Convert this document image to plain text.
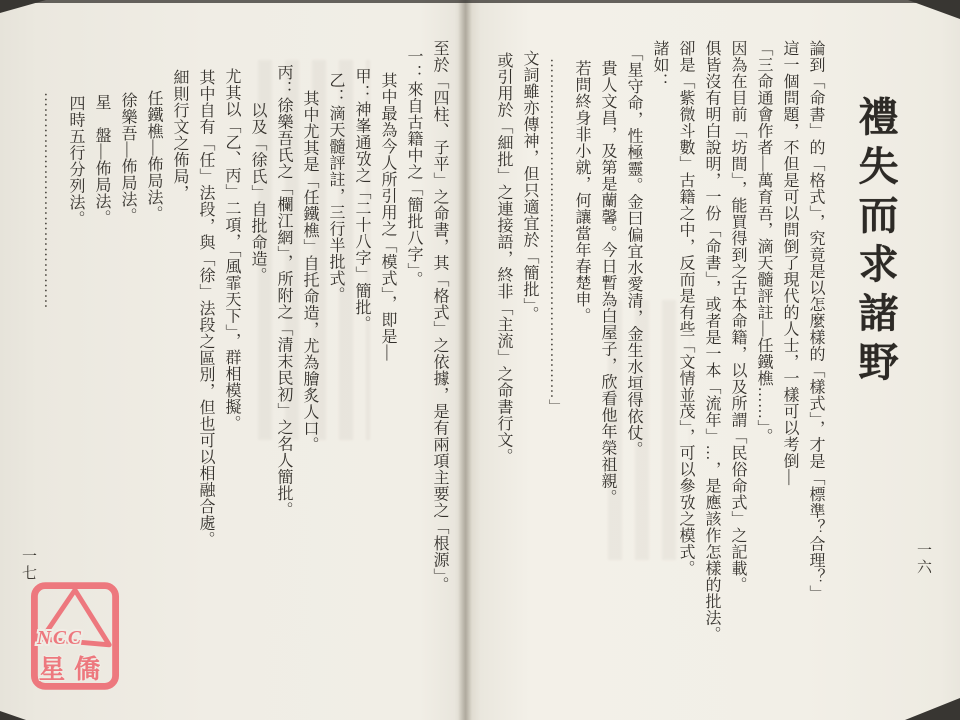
禮失而求諸野
論到「命書」的「格式」，究竟是以怎麼樣的「樣式」，才是「標準？合理？」
這一個問題，不但是可以問倒了現代的人士，一樣可以考倒—
「三命通會作者—萬育吾，滴天髓評註—任鐵樵……」。
因為在目前「坊間」，能買得到之古本命籍，以及所謂「民俗命式」之記載。
俱皆沒有明白說明，一份「命書」，或者是一本「流年」…，是應該作怎樣的批法。
卻是「紫微斗數」古籍之中，反而是有些「文情並茂」，可以參攷之模式。
諸如：
「星守命，性極靈。金曰偏宜水愛清，金生水垣得依仗。
貴人文昌，及第是蘭馨。今日暫為白屋子，欣看他年榮祖親。
若問終身非小就，何讓當年春楚申。
…………………………………………………………」
文詞雖亦傳神，但只適宜於「簡批」。
或引用於「細批」之連接語，終非「主流」之命書行文。
至於「四柱、子平」之命書，其「格式」之依據，是有兩項主要之「根源」。
一：來自古籍中之「簡批八字」。
其中最為今人所引用之「模式」，即是—
甲：神峯通攷之「二十八字」簡批。
乙：滴天髓評註，三行半批式。
其中尤其是「任鐵樵」自托命造，尤為膾炙人口。
丙：徐樂吾氏之「欄江網」，所附之「清末民初」之名人簡批。
以及「徐氏」自批命造。
尤其以「乙、丙」二項，「風霏天下」，群相模擬。
其中自有「任」法段，與「徐」法段之區別，但也可以相融合處。
細則行文之佈局，
任鐵樵—佈局法。
徐樂吾—佈局法。
星　盤—佈局法。
四時五行分列法。
……………………………………
一六
一七
NCC
星僑
